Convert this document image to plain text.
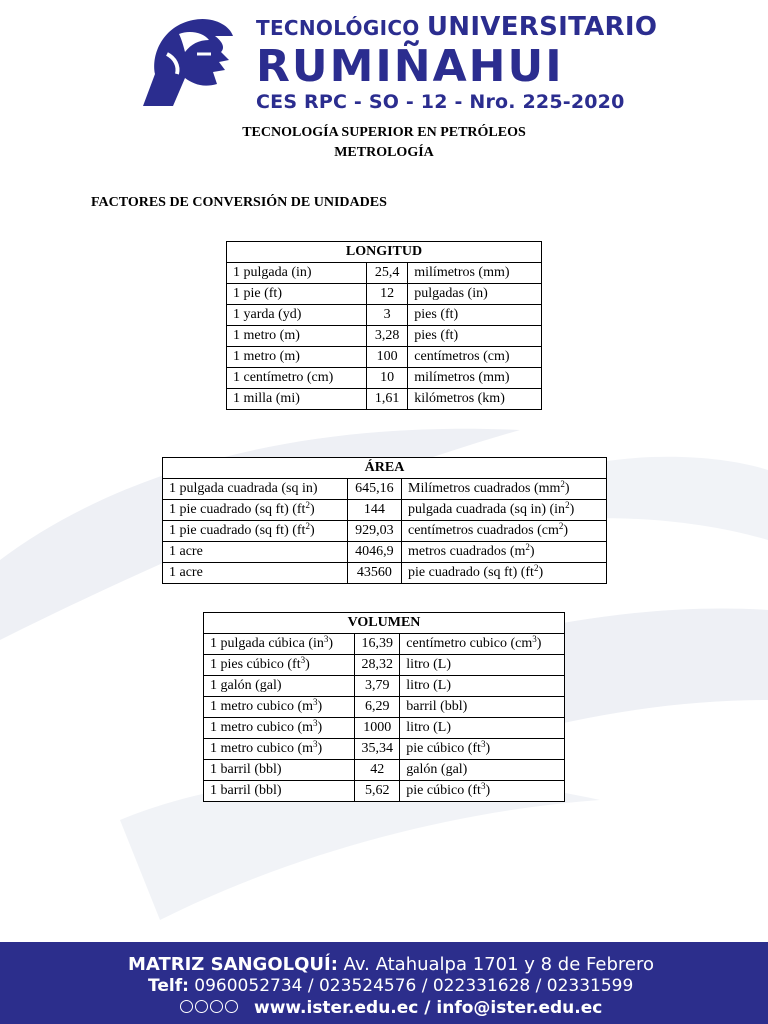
TECNOLÓGICO UNIVERSITARIO
RUMIÑAHUI
CES RPC - SO - 12 - Nro. 225-2020
TECNOLOGÍA SUPERIOR EN PETRÓLEOS
METROLOGÍA
FACTORES DE CONVERSIÓN DE UNIDADES
LONGITUD		
1 pulgada (in)	25,4	milímetros (mm)
1 pie (ft)	12	pulgadas (in)
1 yarda (yd)	3	pies (ft)
1 metro (m)	3,28	pies (ft)
1 metro (m)	100	centímetros (cm)
1 centímetro (cm)	10	milímetros (mm)
1 milla (mi)	1,61	kilómetros (km)
ÁREA		
1 pulgada cuadrada (sq in)	645,16	Milímetros cuadrados $(mm^2)$
1 pie cuadrado (sq ft) $(ft^2)$	144	pulgada cuadrada (sq in) $(in^2)$
1 pie cuadrado (sq ft) $(ft^2)$	929,03	centímetros cuadrados $(cm^2)$
1 acre	4046,9	metros cuadrados $(m^2)$
1 acre	43560	pie cuadrado (sq ft) $(ft^2)$
VOLUMEN		
1 pulgada cúbica $(in^3)$	16,39	centímetro cubico $(cm^3)$
1 pies cúbico $(ft^3)$	28,32	litro (L)
1 galón (gal)	3,79	litro (L)
1 metro cubico $(m^3)$	6,29	barril (bbl)
1 metro cubico $(m^3)$	1000	litro (L)
1 metro cubico $(m^3)$	35,34	pie cúbico $(ft^3)$
1 barril (bbl)	42	galón (gal)
1 barril (bbl)	5,62	pie cúbico $(ft^3)$
MATRIZ SANGOLQUÍ: Av. Atahualpa 1701 y 8 de Febrero
Telf: 0960052734 / 023524576 / 022331628 / 02331599
www.ister.edu.ec / info@ister.edu.ec
